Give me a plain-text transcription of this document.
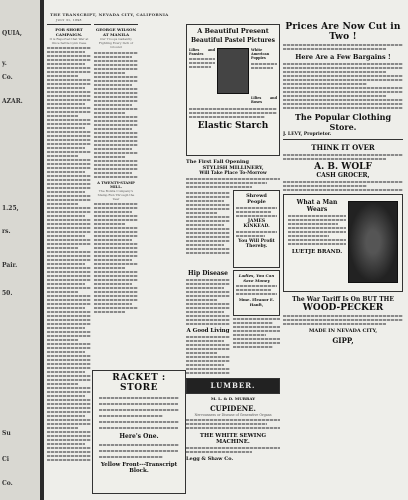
QUIA,
y.
Co.
AZAR.
1.25,
rs.
Pair.
50.
Su
Ci
Co.
THE TRANSCRIPT, NEVADA CITY, CALIFORNIA
JULY 31, 1898
FOR SHORT CAMPAIGN.
It is Reported that War at Once Settle Lynn Case
GEORGE WILSON AT MANILA
Our Troops Gallantly Fighting Every Inch of Ground
A TWENTY-STAMP MILL.
The Bonita Company's Stamp Run Through the Year
RACKET : STORE
Here's One.
Yellow Front---Transcript Block.
A Beautiful Present
Beautiful Pastel Pictures
Lilies and Pansies
White American Poppies
Lilies and Roses
Elastic Starch
The First Fall Opening
STYLISH MILLINERY,
Will Take Place To-Morrow
Shrewd People
JAMES KINKEAD.
You Will Profit Thereby.
Hip Disease
A Good Living
Ladies, You Can Save Money
Mme. Eleanor E. Hanft,
LUMBER.
M. L. & D. MURRAY
CUPIDENE.
Nervousness or Disease of Generative Organs
THE WHITE SEWING MACHINE.
Legg & Shaw Co.
Prices Are Now Cut in Two !
Here Are a Few Bargains !
The Popular Clothing Store.
J. LEVY, Proprietor.
THINK IT OVER
A. B. WOLF
CASH GROCER,
What a Man Wears
LUETJE BRAND.
The War Tariff Is On BUT THE
WOOD-PECKER
MADE IN NEVADA CITY,
GIPP,
